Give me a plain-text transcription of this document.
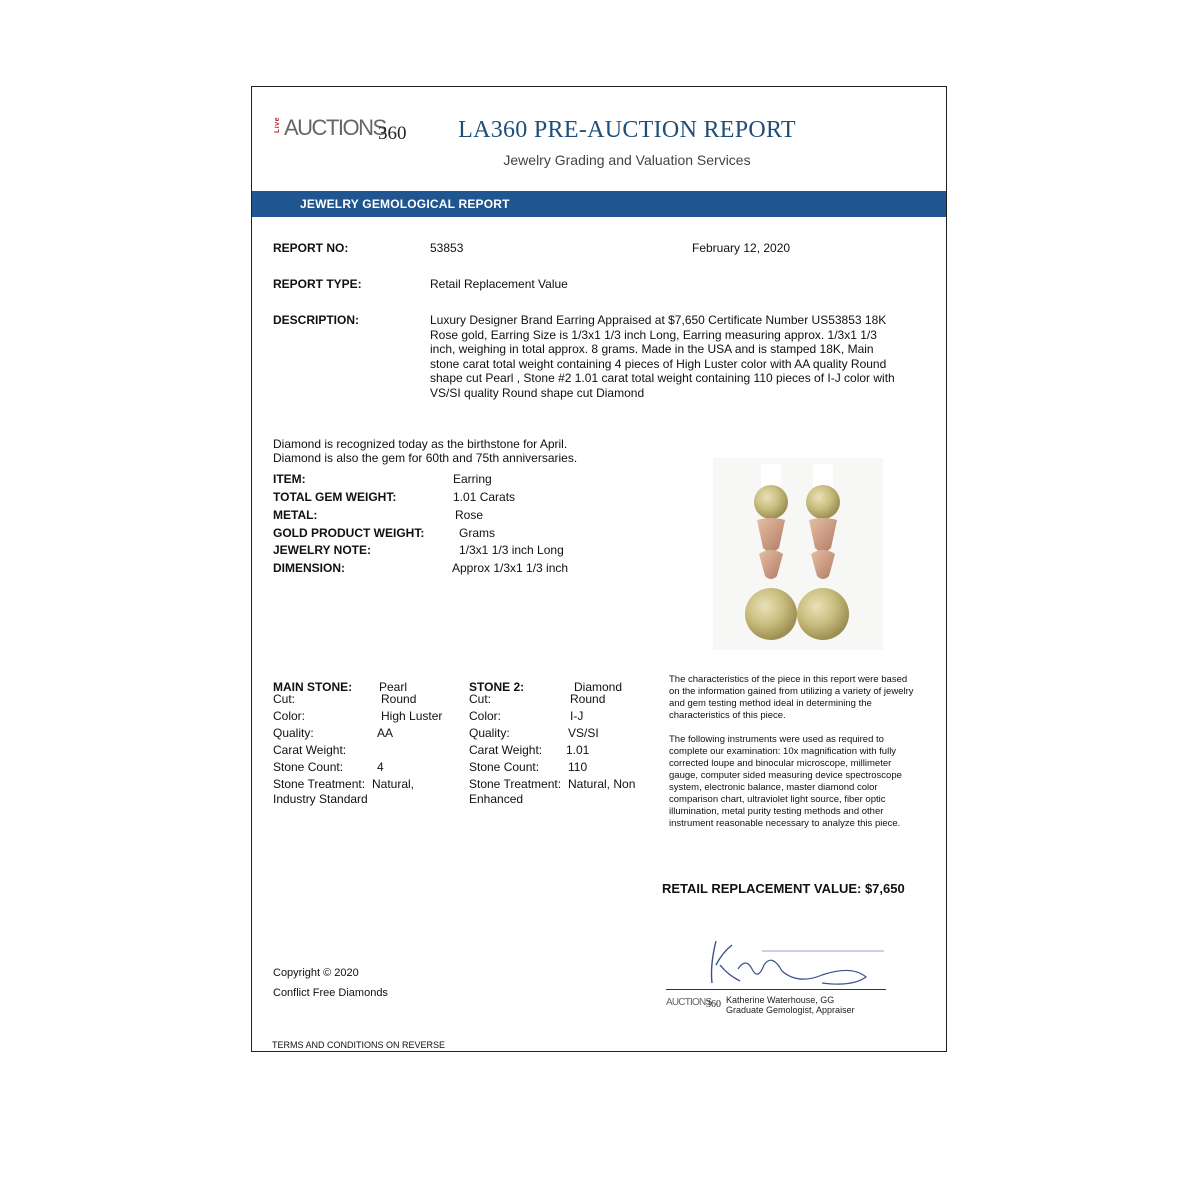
Live AUCTIONS
360 LA360 PRE-AUCTION REPORT
Jewelry Grading and Valuation Services
JEWELRY GEMOLOGICAL REPORT
REPORT NO:	53853	February 12, 2020
REPORT TYPE:	Retail Replacement Value
DESCRIPTION:	Luxury Designer Brand Earring Appraised at $7,650 Certificate Number US53853 18K Rose gold, Earring Size is 1/3x1 1/3 inch Long, Earring measuring approx. 1/3x1 1/3 inch, weighing in total approx. 8 grams. Made in the USA and is stamped 18K, Main stone carat total weight containing 4 pieces of High Luster color with AA quality Round shape cut Pearl , Stone #2 1.01 carat total weight containing 110 pieces of I-J color with VS/SI quality Round shape cut Diamond
Diamond is recognized today as the birthstone for April.
Diamond is also the gem for 60th and 75th anniversaries.
ITEM:	Earring
TOTAL GEM WEIGHT:	1.01 Carats
METAL:	Rose
GOLD PRODUCT WEIGHT:	Grams
JEWELRY NOTE:	1/3x1 1/3 inch Long
DIMENSION:	Approx 1/3x1 1/3 inch
MAIN STONE: Pearl
Cut:	Round
Color:	High Luster
Quality:	AA
Carat Weight:
Stone Count:	4
Stone Treatment: Natural,
Industry Standard
STONE 2:	Diamond
Cut:	Round
Color:	I-J
Quality:	VS/SI
Carat Weight: 1.01
Stone Count: 110
Stone Treatment: Natural, Non
Enhanced
The characteristics of the piece in this report were based on the information gained from utilizing a variety of jewelry and gem testing method ideal in determining the characteristics of this piece.
The following instruments were used as required to complete our examination: 10x magnification with fully corrected loupe and binocular microscope, millimeter gauge, computer sided measuring device spectroscope system, electronic balance, master diamond color comparison chart, ultraviolet light source, fiber optic illumination, metal purity testing methods and other instrument reasonable necessary to analyze this piece.
RETAIL REPLACEMENT VALUE: $7,650
Copyright © 2020
Conflict Free Diamonds
AUCTIONS
360 Katherine Waterhouse, GG
Graduate Gemologist, Appraiser
TERMS AND CONDITIONS ON REVERSE
